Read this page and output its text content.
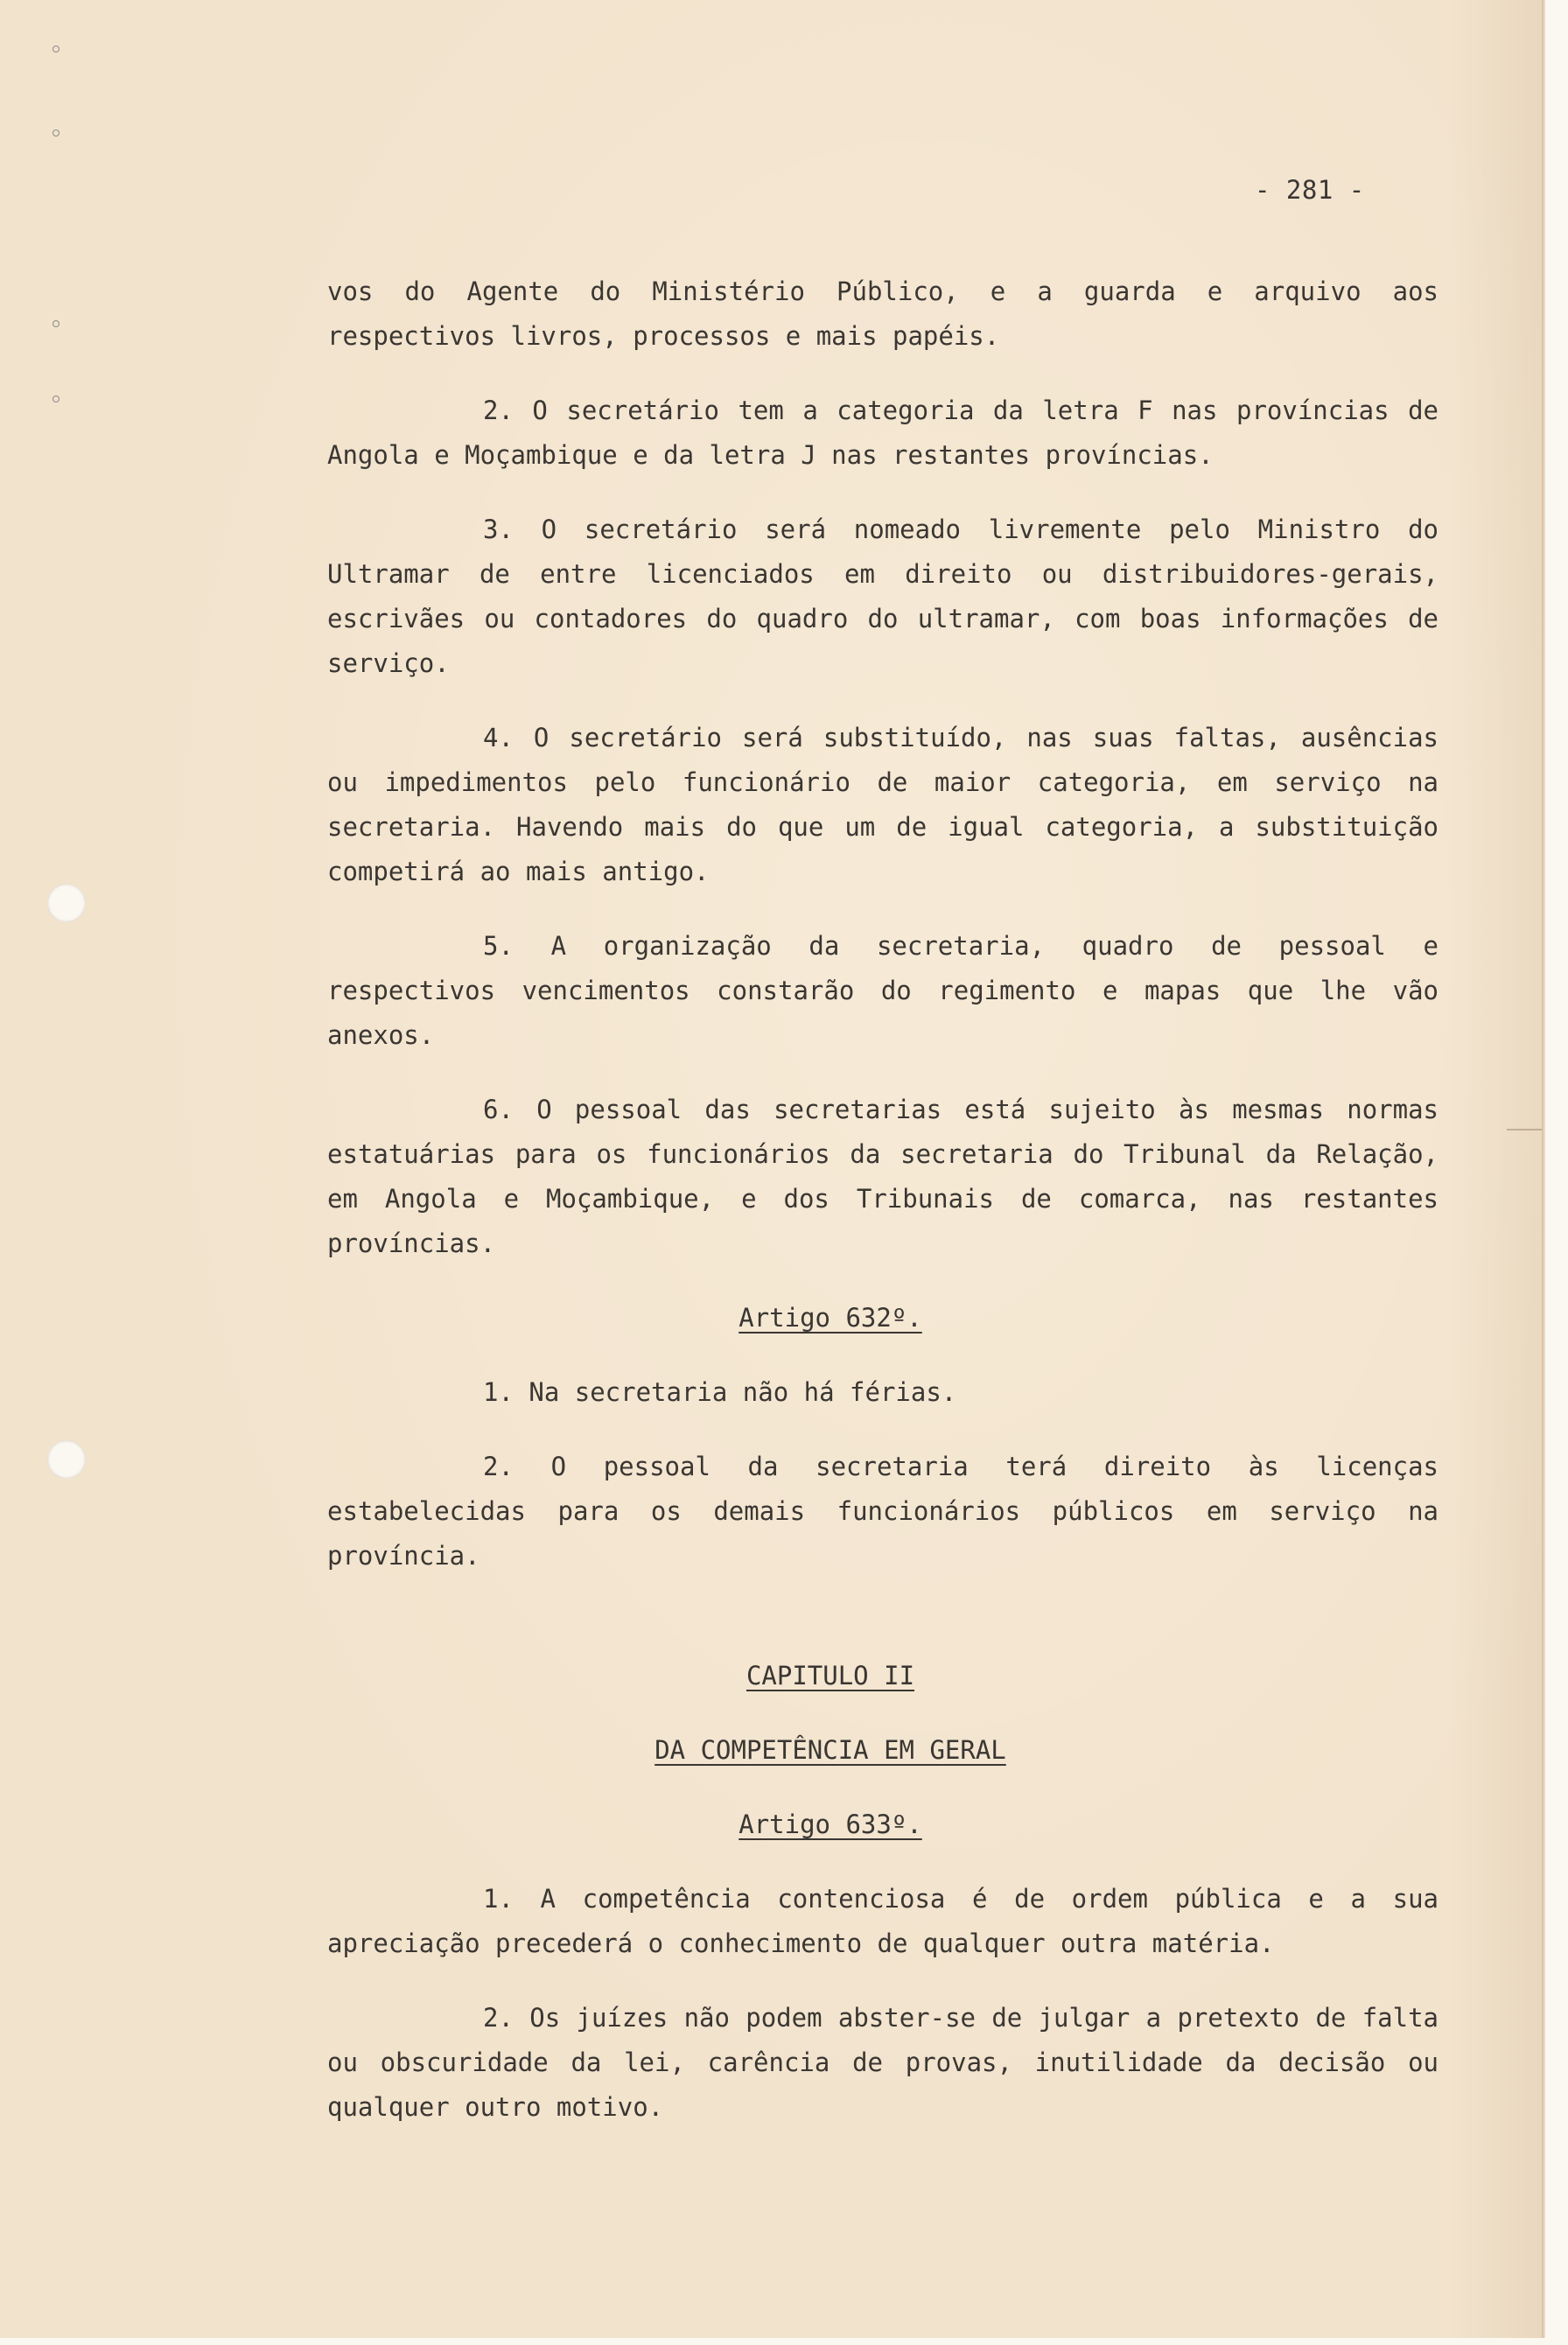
- 281 -
vos do Agente do Ministério Público, e a guarda e arquivo aos respectivos livros, processos e mais papéis.
2. O secretário tem a categoria da letra F nas províncias de Angola e Moçambique e da letra J nas restantes províncias.
3. O secretário será nomeado livremente pelo Ministro do Ultramar de entre licenciados em direito ou distribuidores-gerais, escrivães ou contadores do quadro do ultramar, com boas informações de serviço.
4. O secretário será substituído, nas suas faltas, ausências ou impedimentos pelo funcionário de maior categoria, em serviço na secretaria. Havendo mais do que um de igual categoria, a substituição competirá ao mais antigo.
5. A organização da secretaria, quadro de pessoal e respectivos vencimentos constarão do regimento e mapas que lhe vão anexos.
6. O pessoal das secretarias está sujeito às mesmas normas estatuárias para os funcionários da secretaria do Tribunal da Relação, em Angola e Moçambique, e dos Tribunais de comarca, nas restantes províncias.
Artigo 632º.
1. Na secretaria não há férias.
2. O pessoal da secretaria terá direito às licenças estabelecidas para os demais funcionários públicos em serviço na província.
CAPITULO II
DA COMPETÊNCIA EM GERAL
Artigo 633º.
1. A competência contenciosa é de ordem pública e a sua apreciação precederá o conhecimento de qualquer outra matéria.
2. Os juízes não podem abster-se de julgar a pretexto de falta ou obscuridade da lei, carência de provas, inutilidade da decisão ou qualquer outro motivo.
